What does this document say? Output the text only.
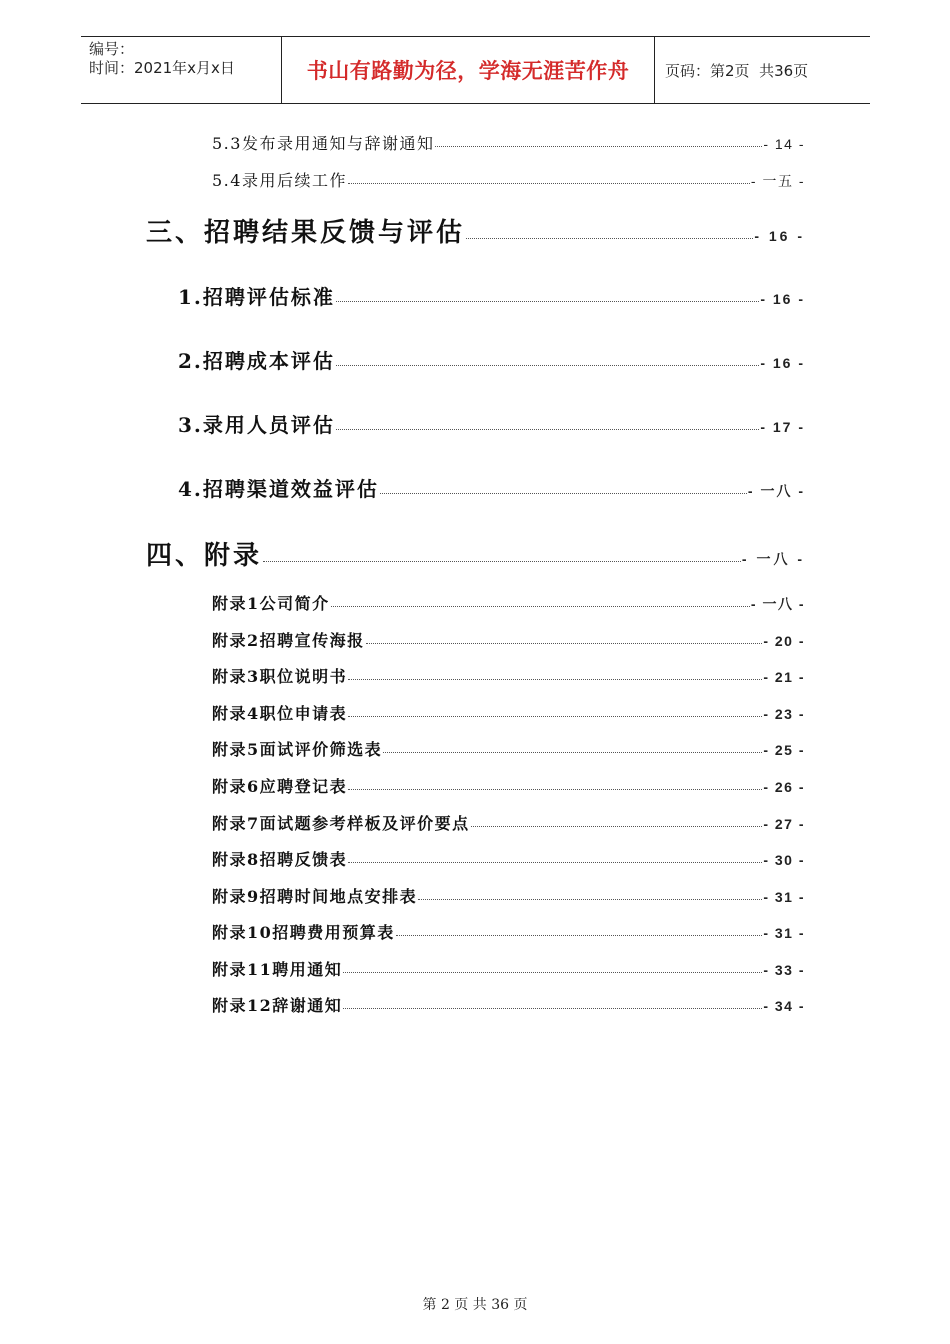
编号：
时间：2021年x月x日	书山有路勤为径，学海无涯苦作舟 页码：第2页  共36页
5.3发布录用通知与辞谢通知	- 14 -
5.4录用后续工作	- 一五 -
三、招聘结果反馈与评估	- 16 -
1.招聘评估标准	- 16 -
2.招聘成本评估	- 16 -
3.录用人员评估	- 17 -
4.招聘渠道效益评估	- 一八 -
四、附录	- 一八 -
附录1公司简介	- 一八 -
附录2招聘宣传海报	- 20 -
附录3职位说明书	- 21 -
附录4职位申请表	- 23 -
附录5面试评价筛选表	- 25 -
附录6应聘登记表	- 26 -
附录7面试题参考样板及评价要点	- 27 -
附录8招聘反馈表	- 30 -
附录9招聘时间地点安排表	- 31 -
附录10招聘费用预算表	- 31 -
附录11聘用通知	- 33 -
附录12辞谢通知	- 34 -
第 2 页 共 36 页
